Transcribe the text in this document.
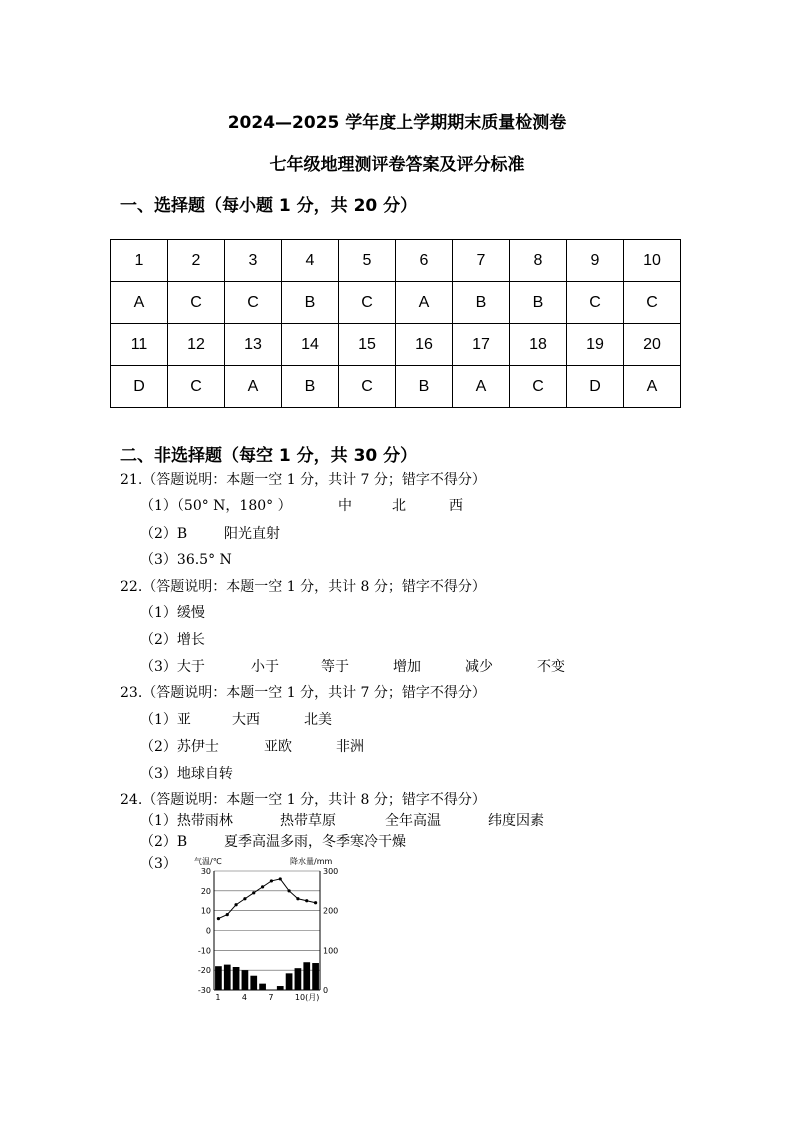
2024—2025 学年度上学期期末质量检测卷
七年级地理测评卷答案及评分标准
一、选择题（每小题 1 分，共 20 分）
1	2	3	4	5	6	7	8	9	10
A	C	C	B	C	A	B	B	C	C
11	12	13	14	15	16	17	18	19	20
D	C	A	B	C	B	A	C	D	A
二、非选择题（每空 1 分，共 30 分）
21.（答题说明：本题一空 1 分，共计 7 分；错字不得分）
（1）（50° N，180° ）	中	北	西
（2）B	阳光直射
（3）36.5° N
22.（答题说明：本题一空 1 分，共计 8 分；错字不得分）
（1）缓慢
（2）增长
（3）大于	小于	等于	增加	减少	不变
23.（答题说明：本题一空 1 分，共计 7 分；错字不得分）
（1）亚	大西	北美
（2）苏伊士	亚欧	非洲
（3）地球自转
24.（答题说明：本题一空 1 分，共计 8 分；错字不得分）
（1）热带雨林	热带草原	全年高温	纬度因素
（2）B	夏季高温多雨，冬季寒冷干燥
（3） 气温/℃	降水量/mm
30
20
10
0
-10
-20
-30
300
200
100
0
1	4	7	10(月)
